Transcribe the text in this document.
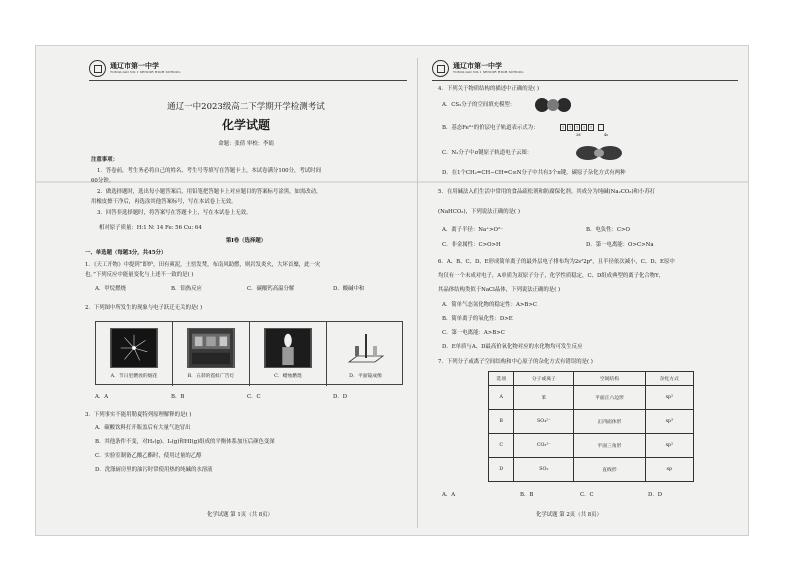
通辽市第一中学
TONGLIAO NO.1 SENIOR HIGH SCHOOL
通辽一中2023级高二下学期开学检测考试
化学试题
命题：张倩 审校：李娟
注意事项：
1．答卷前，考生务必将自己的姓名、考生号等填写在答题卡上，本试卷满分100分，考试时间
60分钟。
2．做选择题时，选出每小题答案后，用铅笔把答题卡上对应题目的答案标号涂黑，如需改动，
用橡皮擦干净后，再选涂其他答案标号，写在本试卷上无效。
3．回答非选择题时，将答案写在答题卡上，写在本试卷上无效。
相对原子质量：H:1 N: 14 Fe: 56 Cu: 64
第Ⅰ卷（选择题）
一、单选题（每题3分，共45分）
1．《天工开物》中提到“即炉，田有爽泥，土窑发焚，布南风助燃，则岩发炎火，大坏首糜，此一灾
也。”下列反应中能量变化与上述不一致的是( )
A．甲烷燃烧	B．铝热反应	C．碳酸钙高温分解	D．酸碱中和
2．下列图中所发生的现象与电子跃迁无关的是( )
A．节日里燃放的烟花	B．五彩的霓虹广告灯	C．蜡烛燃烧	D．平面镜成像
A．A	B．B	C．C	D．D
3．下列事实不能用勒夏特列原理解释的是( )
A．碳酸饮料打开瓶盖后有大量气泡冒出
B．其他条件不变，对H₂(g)、I₂(g)和HI(g)组成的平衡体系加压后颜色变深
C．实验室制备乙酸乙酯时，使用过量的乙醇
D．洗涤厨房里的油污时常使用热的纯碱的水溶液
化学试题 第 1页（共 8页）
通辽市第一中学
TONGLIAO NO.1 SENIOR HIGH SCHOOL
4．下列关于物质结构的描述中正确的是( )
A．CS₂分子的空间填充模型：
B．基态Fe³⁺的价层电子轨道表示式为：	↑ ↑ ↑ ↑ ↑
3d	4s
C．N₂分子中σ键原子轨道电子云图：
D．在1个CH₂=CH−CH=C≡N分子中共有3个π键，碳原子杂化方式有两种
5．在用碱法入们生活中常用的食品疏松剂和防腐保化剂。其成分为纯碱(Na₂CO₃)和小苏打
(NaHCO₃)，下列说法正确的是( )
A．离子半径：Na⁺>O²⁻	B．电负性：C>O
C．非金属性：C>O>H	D．第一电离能：O>C>Na
6．A、B、C、D、E形成简单离子的最外层电子排布均为2s²2p⁶，且半径依次减小，C、D、E原中
均仅有一个未成对电子，A单质为双原子分子，化学性质稳定，C、D组成典型的离子化合物Y，
其晶体结构类似于NaCl晶体，下列说法正确的是( )
A．简单气态氢化物的稳定性：A>B>C
B．简单离子的氧化性：D>E
C．第一电离能：A>B>C
D．E单质与A、D最高价氧化物对应的水化物均可发生反应
7．下列分子或离子空间结构和中心原子的杂化方式有错误的是( )
选项	分子或离子	空间结构	杂化方式
A	苯	平面正六边形	sp²
B	SO₄²⁻	正四面体形	sp³
C	CO₃²⁻	平面三角形	sp²
D	SO₂	直线形	sp
A．A	B．B	C．C	D．D
化学试题 第 2页（共 8页）
